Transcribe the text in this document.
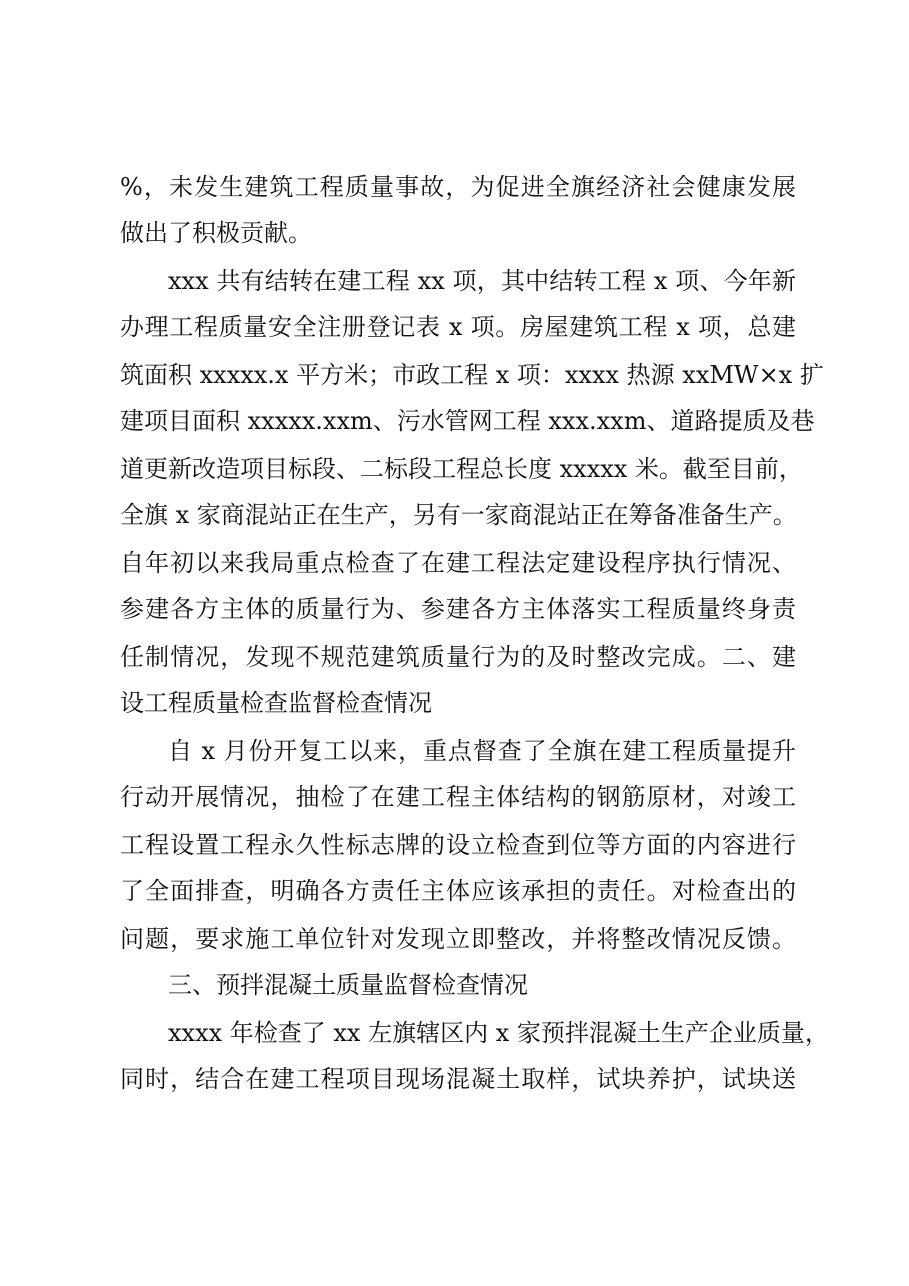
%，未发生建筑工程质量事故，为促进全旗经济社会健康发展
做出了积极贡献。
xxx 共有结转在建工程 xx 项，其中结转工程 x 项、今年新
办理工程质量安全注册登记表 x 项。房屋建筑工程 x 项，总建
筑面积 xxxxx.x 平方米；市政工程 x 项：xxxx 热源 xxMW×x 扩
建项目面积 xxxxx.xxm、污水管网工程 xxx.xxm、道路提质及巷
道更新改造项目标段、二标段工程总长度 xxxxx 米。截至目前，
全旗 x 家商混站正在生产，另有一家商混站正在筹备准备生产。
自年初以来我局重点检查了在建工程法定建设程序执行情况、
参建各方主体的质量行为、参建各方主体落实工程质量终身责
任制情况，发现不规范建筑质量行为的及时整改完成。二、建
设工程质量检查监督检查情况
自 x 月份开复工以来，重点督查了全旗在建工程质量提升
行动开展情况，抽检了在建工程主体结构的钢筋原材，对竣工
工程设置工程永久性标志牌的设立检查到位等方面的内容进行
了全面排查，明确各方责任主体应该承担的责任。对检查出的
问题，要求施工单位针对发现立即整改，并将整改情况反馈。
三、预拌混凝土质量监督检查情况
xxxx 年检查了 xx 左旗辖区内 x 家预拌混凝土生产企业质量，
同时，结合在建工程项目现场混凝土取样，试块养护，试块送
